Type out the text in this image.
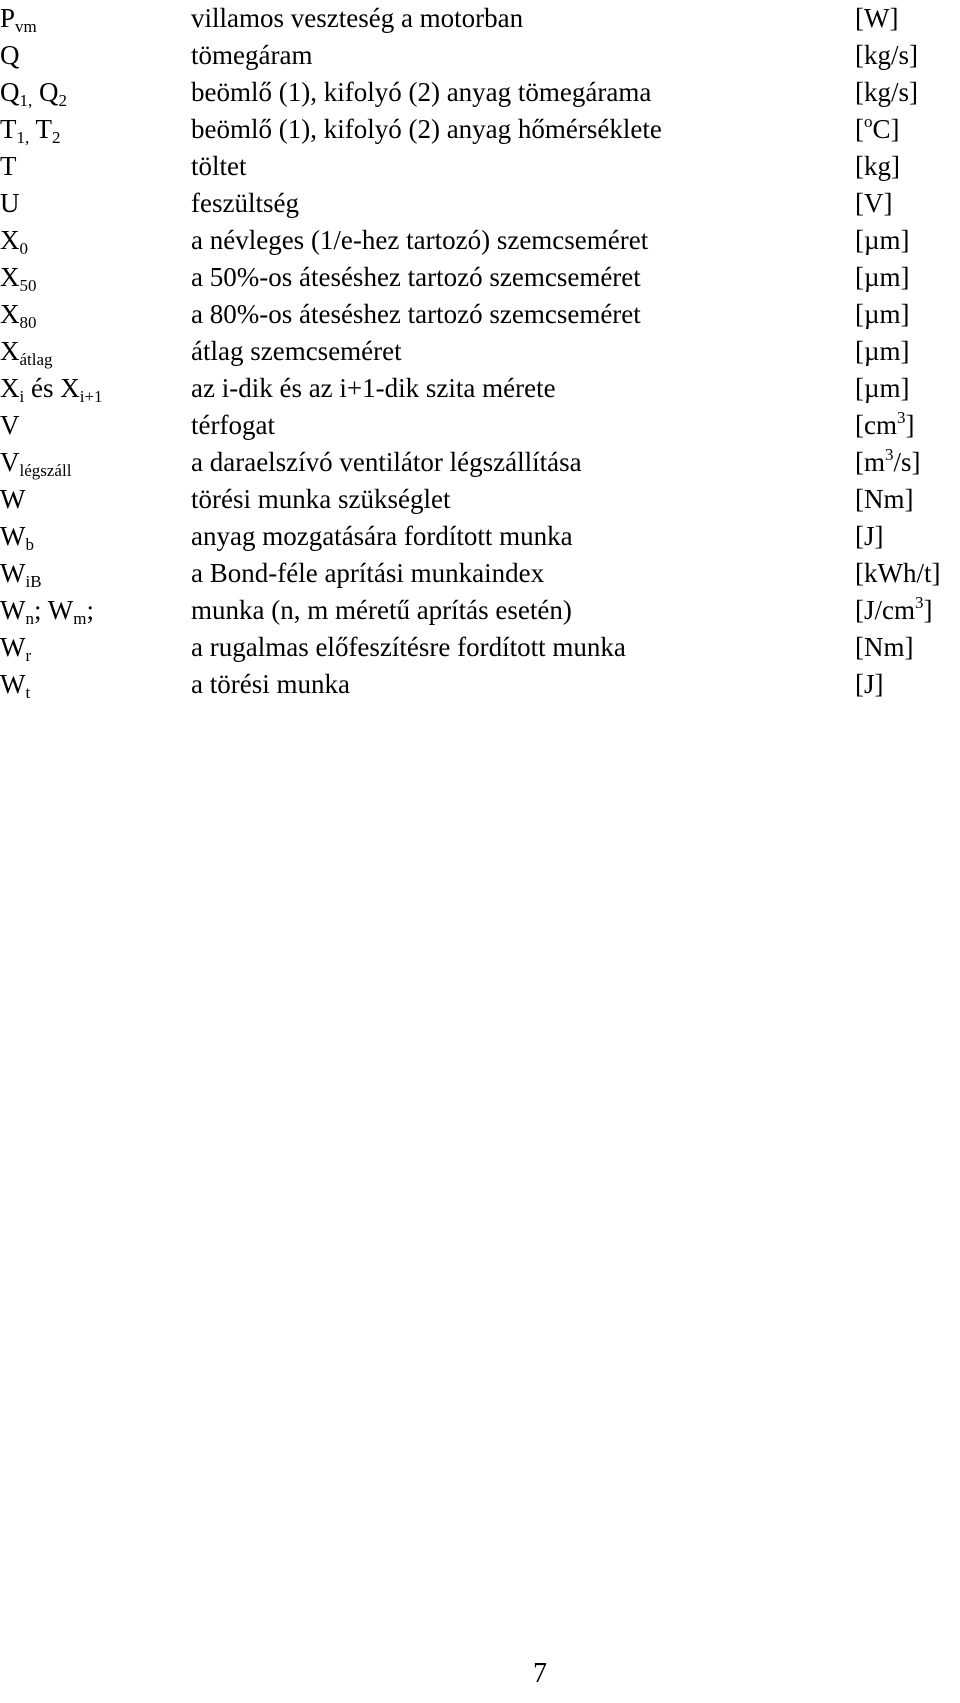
Pvm	villamos veszteség a motorban	[W]
Q	tömegáram	[kg/s]
Q1, Q2	beömlő (1), kifolyó (2) anyag tömegárama	[kg/s]
T1, T2	beömlő (1), kifolyó (2) anyag hőmérséklete	[$^o$C]
T	töltet	[kg]
U	feszültség	[V]
X0	a névleges (1/e-hez tartozó) szemcseméret	[µm]
X50	a 50%-os áteséshez tartozó szemcseméret	[µm]
X80	a 80%-os áteséshez tartozó szemcseméret	[µm]
Xátlag	átlag szemcseméret	[µm]
Xi és Xi+1	az i-dik és az i+1-dik szita mérete	[µm]
V	térfogat	$[cm^3]$
Vlégszáll	a daraelszívó ventilátor légszállítása	$[m^3/s]$
W	törési munka szükséglet	[Nm]
Wb	anyag mozgatására fordított munka	[J]
WiB	a Bond-féle aprítási munkaindex	[kWh/t]
Wn; Wm;	munka (n, m méretű aprítás esetén)	$[J/cm^3]$
Wr	a rugalmas előfeszítésre fordított munka	[Nm]
Wt	a törési munka	[J]
7
